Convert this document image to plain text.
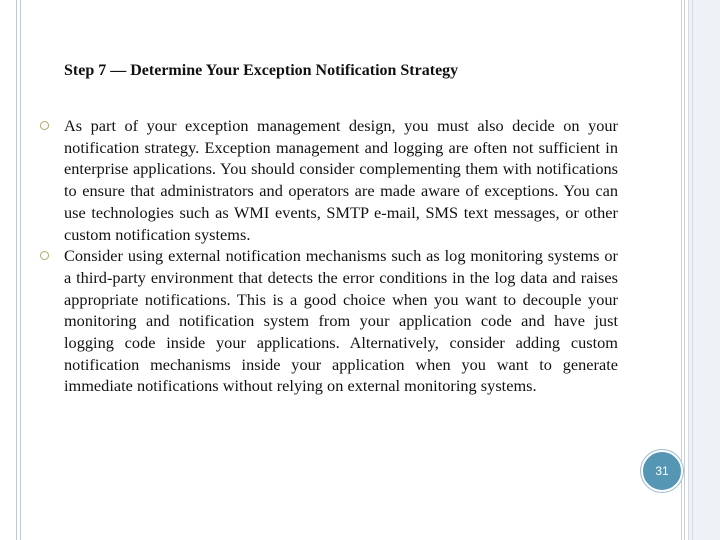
Step 7 — Determine Your Exception Notification Strategy

As part of your exception management design, you must also decide on your notification strategy. Exception management and logging are often not sufficient in enterprise applications. You should consider complementing them with notifications to ensure that administrators and operators are made aware of exceptions. You can use technologies such as WMI events, SMTP e-mail, SMS text messages, or other custom notification systems.

Consider using external notification mechanisms such as log monitoring systems or a third-party environment that detects the error conditions in the log data and raises appropriate notifications. This is a good choice when you want to decouple your monitoring and notification system from your application code and have just logging code inside your applications. Alternatively, consider adding custom notification mechanisms inside your application when you want to generate immediate notifications without relying on external monitoring systems.

31
